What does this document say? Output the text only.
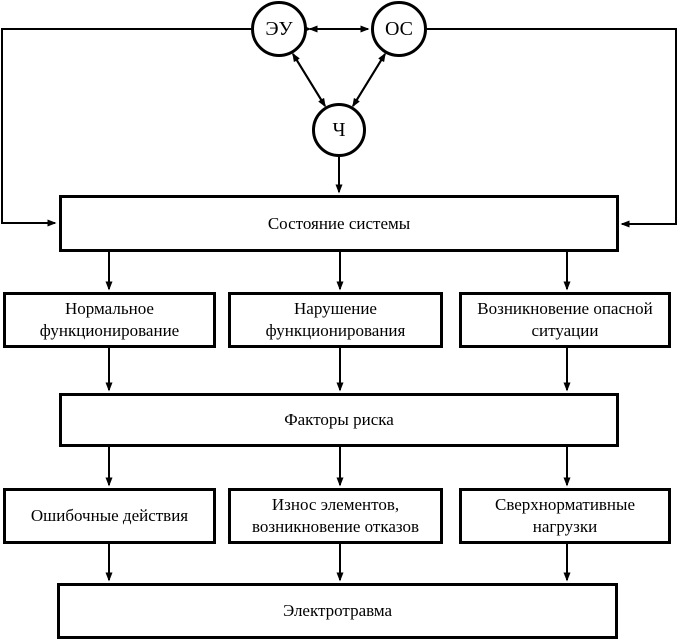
ЭУ	ОС
Ч
Состояние системы
Нормальное функционирование
Нарушение функционирования
Возникновение опасной ситуации
Факторы риска
Ошибочные действия
Износ элементов, возникновение отказов
Сверхнормативные нагрузки
Электротравма
